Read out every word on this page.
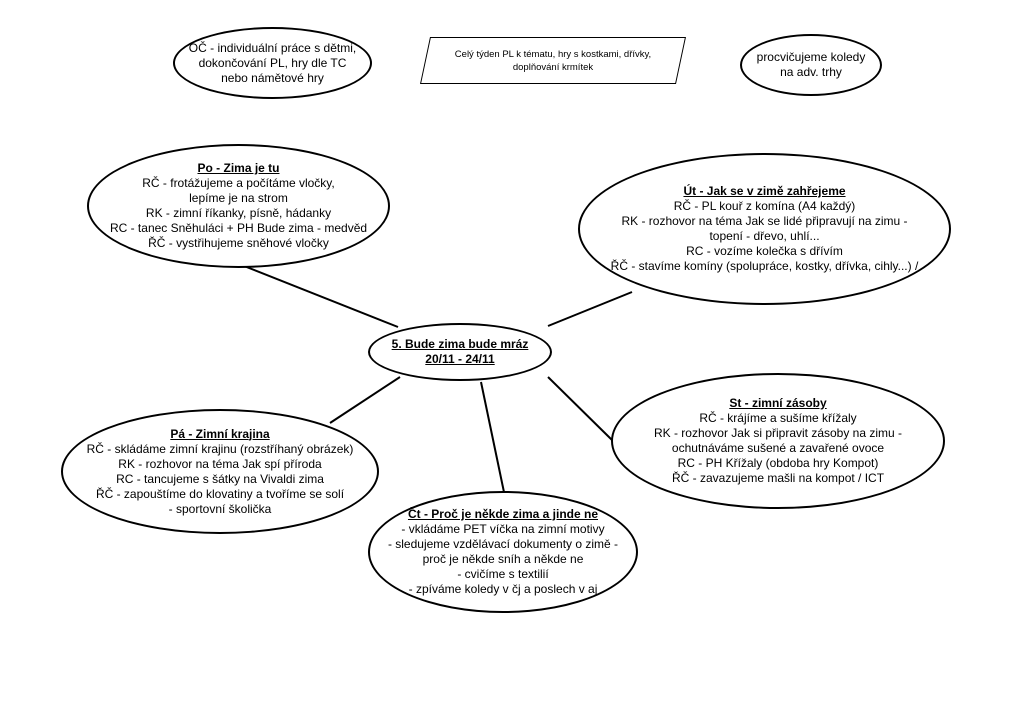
OČ - individuální práce s dětmi,
dokončování PL, hry dle TC
nebo námětové hry
Celý týden PL k tématu, hry s kostkami, dřívky,
doplňování krmítek
procvičujeme koledy
na adv. trhy
Po - Zima je tu
RČ - frotážujeme a počítáme vločky,
lepíme je na strom
RK - zimní říkanky, písně, hádanky
RC - tanec Sněhuláci + PH Bude zima - medvěd
ŘČ - vystřihujeme sněhové vločky
Út - Jak se v zimě zahřejeme
RČ - PL kouř z komína (A4 každý)
RK - rozhovor na téma Jak se lidé připravují na zimu -
topení - dřevo, uhlí...
RC - vozíme kolečka s dřívím
ŘČ - stavíme komíny (spolupráce, kostky, dřívka, cihly...) /
5. Bude zima bude mráz
20/11 - 24/11
St - zimní zásoby
RČ - krájíme a sušíme křížaly
RK - rozhovor Jak si připravit zásoby na zimu -
ochutnáváme sušené a zavařené ovoce
RC - PH Křížaly (obdoba hry Kompot)
ŘČ - zavazujeme mašli na kompot / ICT
Pá - Zimní krajina
RČ - skládáme zimní krajinu (rozstříhaný obrázek)
RK - rozhovor na téma Jak spí příroda
RC - tancujeme s šátky na Vivaldi zima
ŘČ - zapouštíme do klovatiny a tvoříme se solí
- sportovní školička	Čt - Proč je někde zima a jinde ne
- vkládáme PET víčka na zimní motivy
- sledujeme vzdělávací dokumenty o zimě -
proč je někde sníh a někde ne
- cvičíme s textilií
- zpíváme koledy v čj a poslech v aj
